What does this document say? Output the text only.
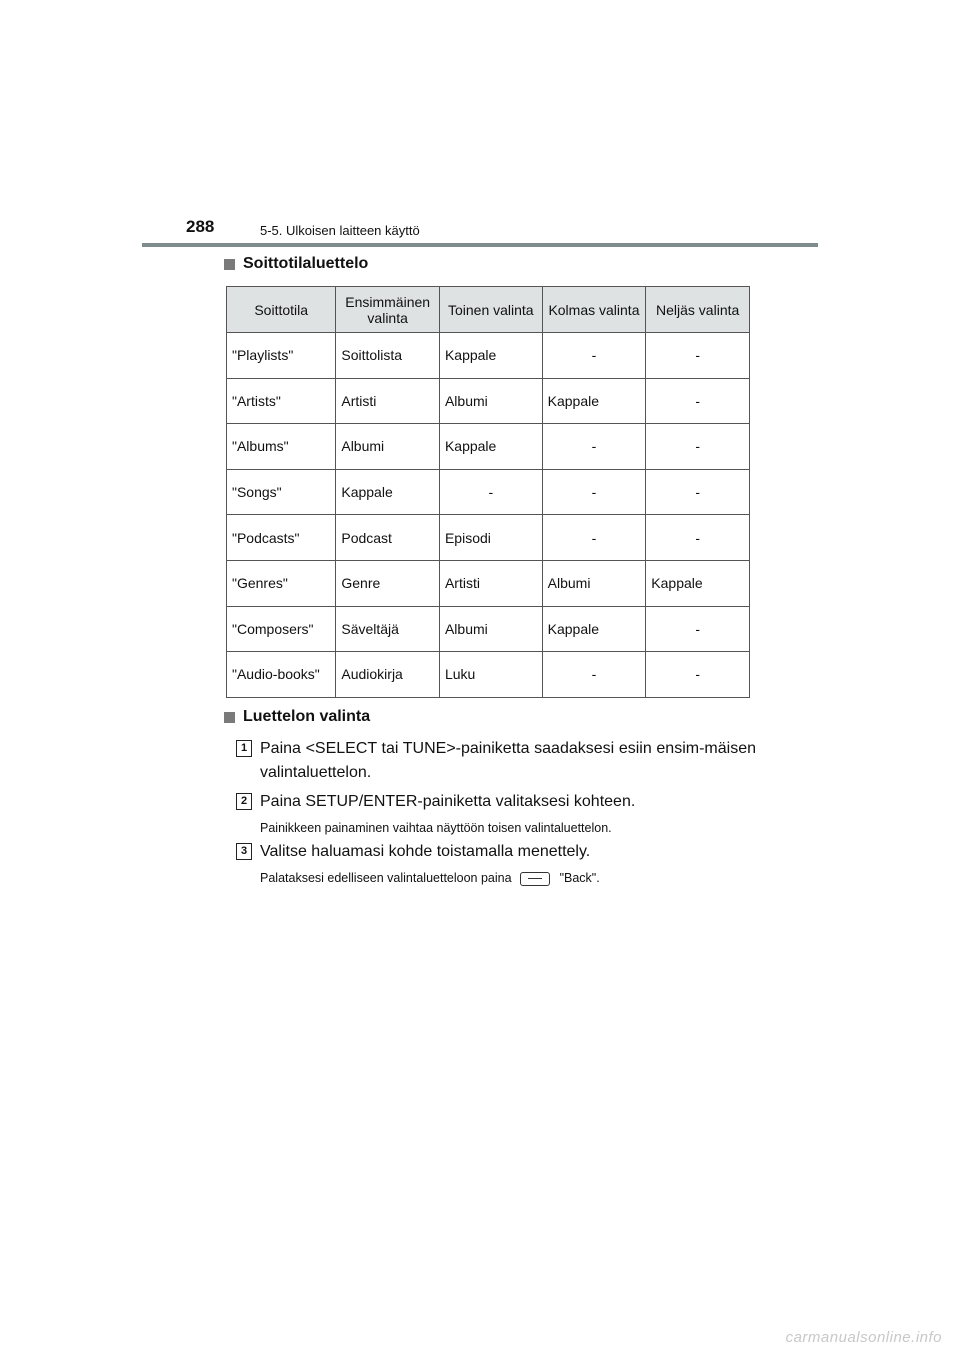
288	5-5. Ulkoisen laitteen käyttö
Soittotilaluettelo
Soittotila	Ensimmäinen valinta	Toinen valinta	Kolmas valinta	Neljäs valinta
"Playlists"	Soittolista	Kappale	-	-
"Artists"	Artisti	Albumi	Kappale	-
"Albums"	Albumi	Kappale	-	-
"Songs"	Kappale	-	-	-
"Podcasts"	Podcast	Episodi	-	-
"Genres"	Genre	Artisti	Albumi	Kappale
"Composers"	Säveltäjä	Albumi	Kappale	-
"Audio-books"	Audiokirja	Luku	-	-
Luettelon valinta
1 Paina <SELECT tai TUNE>-painiketta saadaksesi esiin ensim-mäisen valintaluettelon.
2 Paina SETUP/ENTER-painiketta valitaksesi kohteen.
Painikkeen painaminen vaihtaa näyttöön toisen valintaluettelon.
3 Valitse haluamasi kohde toistamalla menettely.
Palataksesi edelliseen valintaluetteloon paina	"Back".
carmanualsonline.info
